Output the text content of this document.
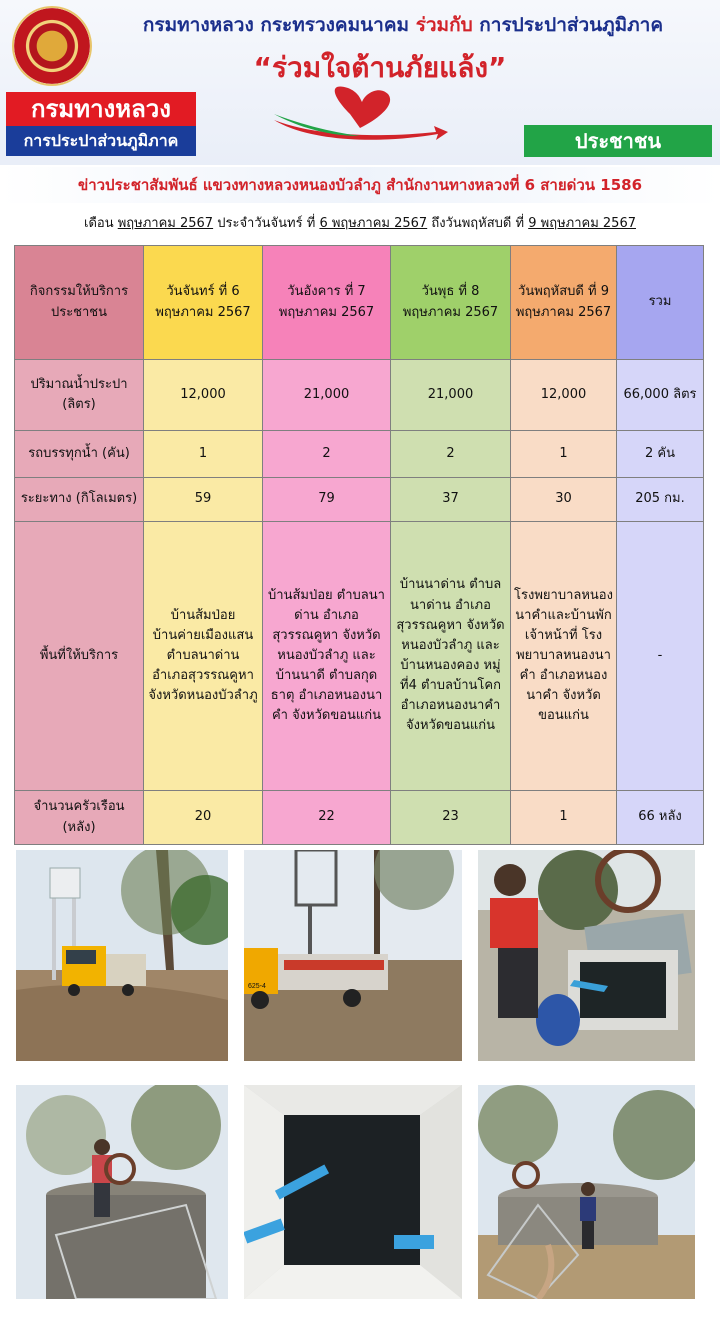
กรมทางหลวง กระทรวงคมนาคม ร่วมกับ การประปาส่วนภูมิภาค
“ร่วมใจต้านภัยแล้ง”
กรมทางหลวง
การประปาส่วนภูมิภาค	ประชาชน
ข่าวประชาสัมพันธ์ แขวงทางหลวงหนองบัวลำภู สำนักงานทางหลวงที่ 6 สายด่วน 1586
เดือน พฤษภาคม 2567 ประจำวันจันทร์ ที่ 6 พฤษภาคม 2567 ถึงวันพฤหัสบดี ที่ 9 พฤษภาคม 2567
กิจกรรมให้บริการประชาชน	วันจันทร์ ที่ 6 พฤษภาคม 2567	วันอังคาร ที่ 7 พฤษภาคม 2567	วันพุธ ที่ 8 พฤษภาคม 2567	วันพฤหัสบดี ที่ 9 พฤษภาคม 2567	รวม
ปริมาณน้ำประปา (ลิตร)	12,000	21,000	21,000	12,000	66,000 ลิตร
รถบรรทุกน้ำ (คัน)	1	2	2	1	2 คัน
ระยะทาง (กิโลเมตร)	59	79	37	30	205 กม.
พื้นที่ให้บริการ	บ้านส้มป่อย บ้านค่ายเมืองแสน ตำบลนาด่าน อำเภอสุวรรณคูหา จังหวัดหนองบัวลำภู	บ้านส้มป่อย ตำบลนาด่าน อำเภอสุวรรณคูหา จังหวัดหนองบัวลำภู และบ้านนาดี ตำบลกุดธาตุ อำเภอหนองนาคำ จังหวัดขอนแก่น	บ้านนาด่าน ตำบลนาด่าน อำเภอสุวรรณคูหา จังหวัดหนองบัวลำภู และบ้านหนองคอง หมู่ที่4 ตำบลบ้านโคก อำเภอหนองนาคำ จังหวัดขอนแก่น	โรงพยาบาลหนองนาคำและบ้านพักเจ้าหน้าที่ โรงพยาบาลหนองนาคำ อำเภอหนองนาคำ จังหวัดขอนแก่น	-
จำนวนครัวเรือน (หลัง)	20	22	23	1	66 หลัง
625-4
